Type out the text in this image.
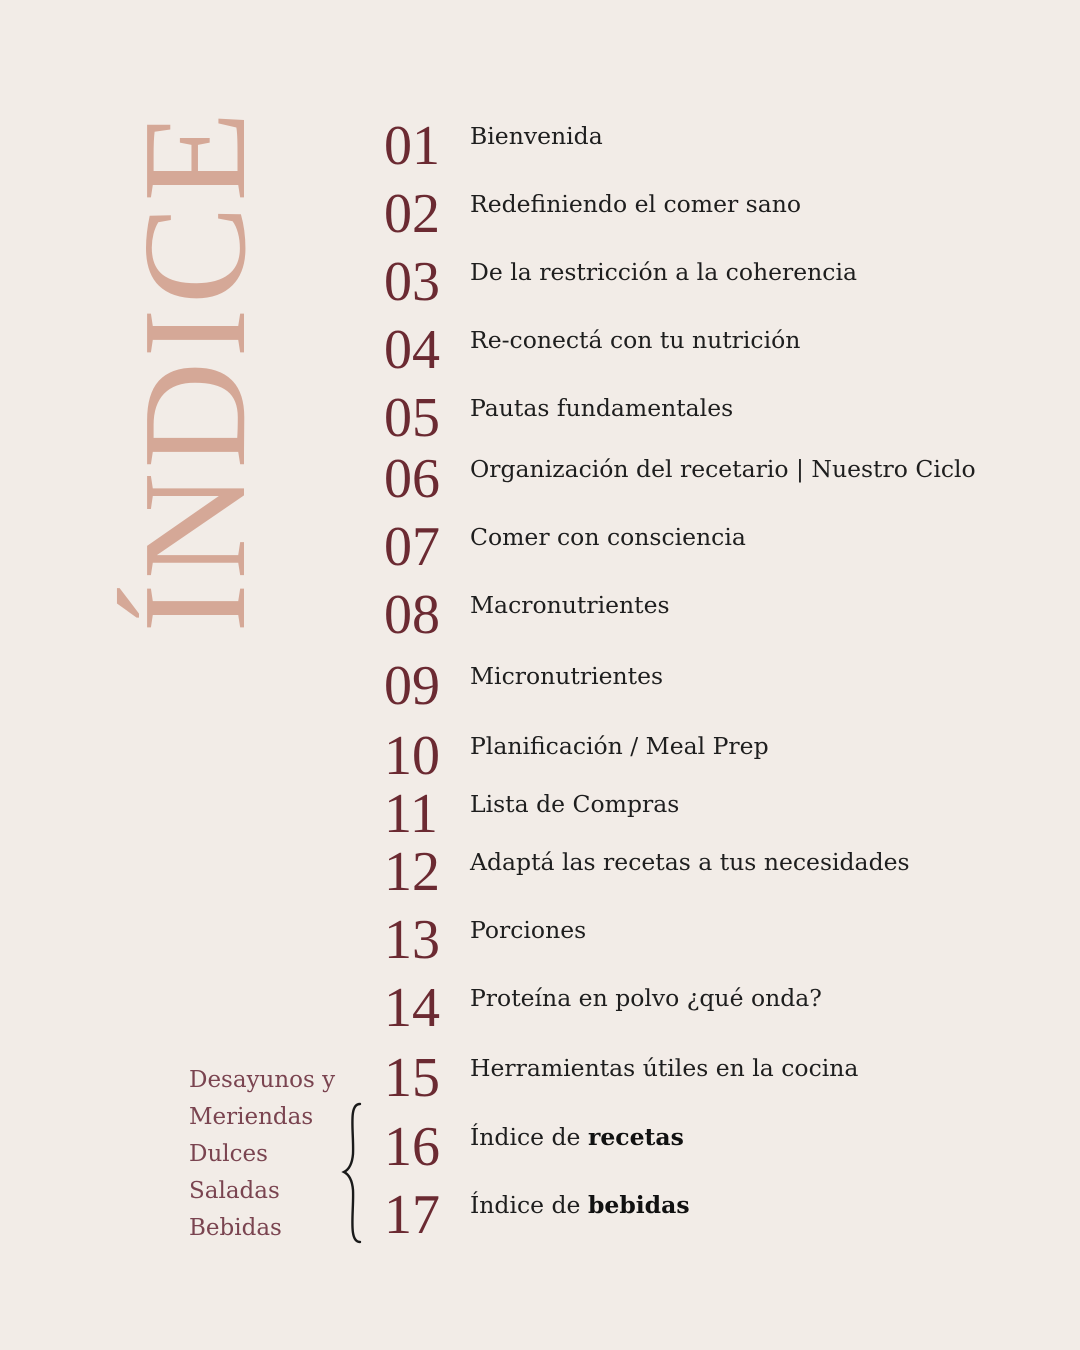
ÍNDICE 01 Bienvenida
02 Redefiniendo el comer sano
03 De la restricción a la coherencia
04 Re-conectá con tu nutrición
05 Pautas fundamentales
06 Organización del recetario | Nuestro Ciclo
07 Comer con consciencia
08 Macronutrientes
09 Micronutrientes
10 Planificación / Meal Prep
11 Lista de Compras
12 Adaptá las recetas a tus necesidades
13 Porciones
14 Proteína en polvo ¿qué onda?
15 Herramientas útiles en la cocina
16 Índice de recetas
17 Índice de bebidas
Desayunos y
Meriendas
Dulces
Saladas
Bebidas
